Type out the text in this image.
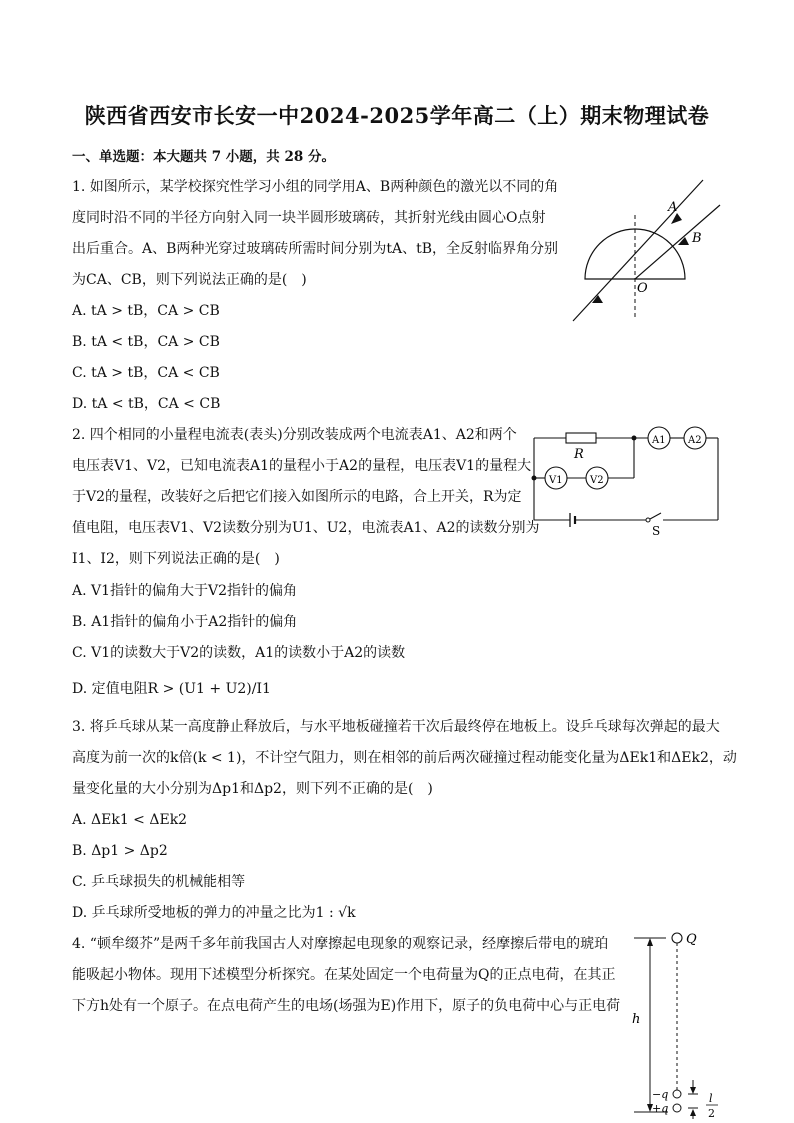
陕西省西安市长安一中2024-2025学年高二（上）期末物理试卷
一、单选题：本大题共 7 小题，共 28 分。
1. 如图所示，某学校探究性学习小组的同学用A、B两种颜色的激光以不同的角
度同时沿不同的半径方向射入同一块半圆形玻璃砖，其折射光线由圆心O点射
出后重合。A、B两种光穿过玻璃砖所需时间分别为tA、tB，全反射临界角分别
为CA、CB，则下列说法正确的是(　)
A. tA > tB，CA > CB
B. tA < tB，CA > CB
C. tA > tB，CA < CB
D. tA < tB，CA < CB
A
B
O
2. 四个相同的小量程电流表(表头)分别改装成两个电流表A1、A2和两个
电压表V1、V2，已知电流表A1的量程小于A2的量程，电压表V1的量程大
于V2的量程，改装好之后把它们接入如图所示的电路，合上开关，R为定
值电阻，电压表V1、V2读数分别为U1、U2，电流表A1、A2的读数分别为
I1、I2，则下列说法正确的是(　)
A. V1指针的偏角大于V2指针的偏角
B. A1指针的偏角小于A2指针的偏角
C. V1的读数大于V2的读数，A1的读数小于A2的读数
D. 定值电阻R > (U1 + U2)/I1
R
A1 A2
V1	V2
S
3. 将乒乓球从某一高度静止释放后，与水平地板碰撞若干次后最终停在地板上。设乒乓球每次弹起的最大
高度为前一次的k倍(k < 1)，不计空气阻力，则在相邻的前后两次碰撞过程动能变化量为ΔEk1和ΔEk2，动
量变化量的大小分别为Δp1和Δp2，则下列不正确的是(　)
A. ΔEk1 < ΔEk2
B. Δp1 > Δp2
C. 乒乓球损失的机械能相等
D. 乒乓球所受地板的弹力的冲量之比为1 : √k
4. “顿牟缀芥”是两千多年前我国古人对摩擦起电现象的观察记录，经摩擦后带电的琥珀
能吸起小物体。现用下述模型分析探究。在某处固定一个电荷量为Q的正点电荷，在其正
下方h处有一个原子。在点电荷产生的电场(场强为E)作用下，原子的负电荷中心与正电荷
Q
h
−q
+q
l
2
